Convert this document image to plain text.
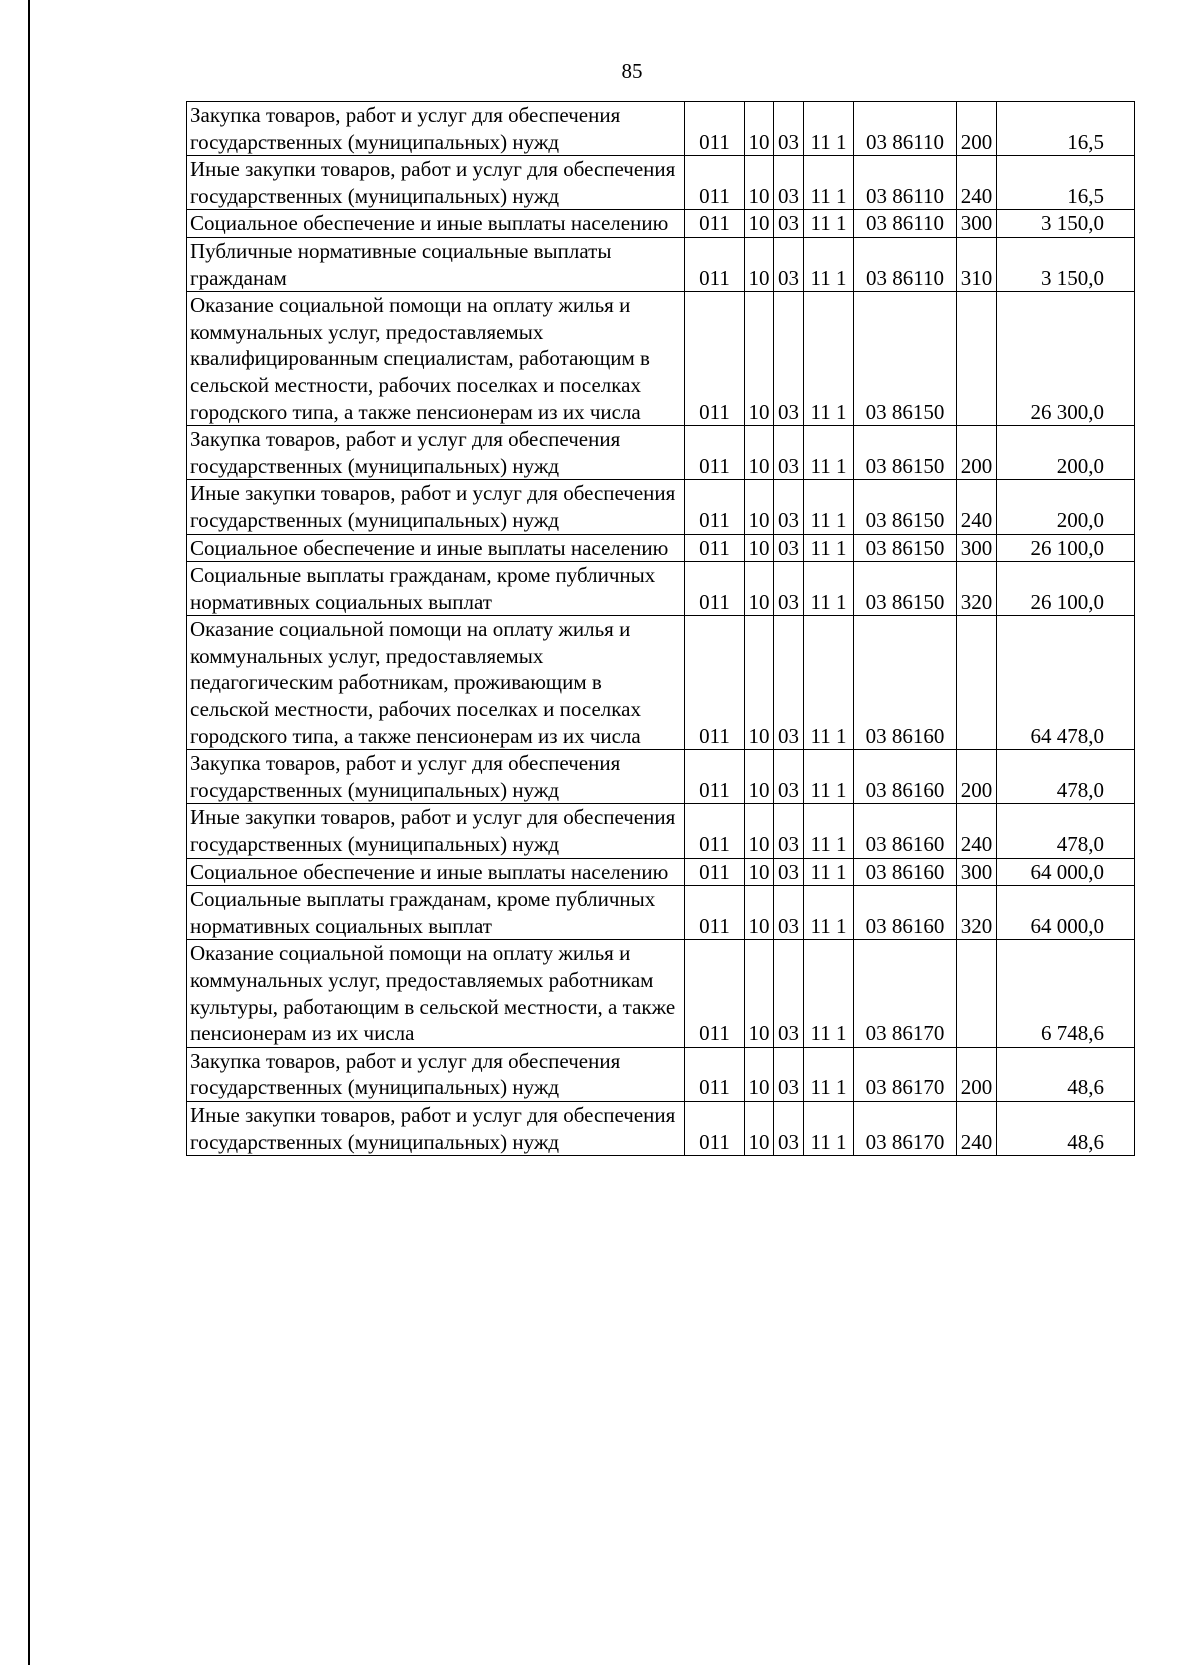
85
Закупка товаров, работ и услуг для обеспечения государственных (муниципальных) нужд	011	10	03	11 1	03 86110	200	16,5
Иные закупки товаров, работ и услуг для обеспечения государственных (муниципальных) нужд	011	10	03	11 1	03 86110	240	16,5
Социальное обеспечение и иные выплаты населению	011	10	03	11 1	03 86110	300	3 150,0
Публичные нормативные социальные выплаты гражданам	011	10	03	11 1	03 86110	310	3 150,0
Оказание социальной помощи на оплату жилья и коммунальных услуг, предоставляемых квалифицированным специалистам, работающим в сельской местности, рабочих поселках и поселках городского типа, а также пенсионерам из их числа	011	10	03	11 1	03 86150		26 300,0
Закупка товаров, работ и услуг для обеспечения государственных (муниципальных) нужд	011	10	03	11 1	03 86150	200	200,0
Иные закупки товаров, работ и услуг для обеспечения государственных (муниципальных) нужд	011	10	03	11 1	03 86150	240	200,0
Социальное обеспечение и иные выплаты населению	011	10	03	11 1	03 86150	300	26 100,0
Социальные выплаты гражданам, кроме публичных нормативных социальных выплат	011	10	03	11 1	03 86150	320	26 100,0
Оказание социальной помощи на оплату жилья и коммунальных услуг, предоставляемых педагогическим работникам, проживающим в сельской местности, рабочих поселках и поселках городского типа, а также пенсионерам из их числа	011	10	03	11 1	03 86160		64 478,0
Закупка товаров, работ и услуг для обеспечения государственных (муниципальных) нужд	011	10	03	11 1	03 86160	200	478,0
Иные закупки товаров, работ и услуг для обеспечения государственных (муниципальных) нужд	011	10	03	11 1	03 86160	240	478,0
Социальное обеспечение и иные выплаты населению	011	10	03	11 1	03 86160	300	64 000,0
Социальные выплаты гражданам, кроме публичных нормативных социальных выплат	011	10	03	11 1	03 86160	320	64 000,0
Оказание социальной помощи на оплату жилья и коммунальных услуг, предоставляемых работникам культуры, работающим в сельской местности, а также пенсионерам из их числа	011	10	03	11 1	03 86170		6 748,6
Закупка товаров, работ и услуг для обеспечения государственных (муниципальных) нужд	011	10	03	11 1	03 86170	200	48,6
Иные закупки товаров, работ и услуг для обеспечения государственных (муниципальных) нужд	011	10	03	11 1	03 86170	240	48,6
